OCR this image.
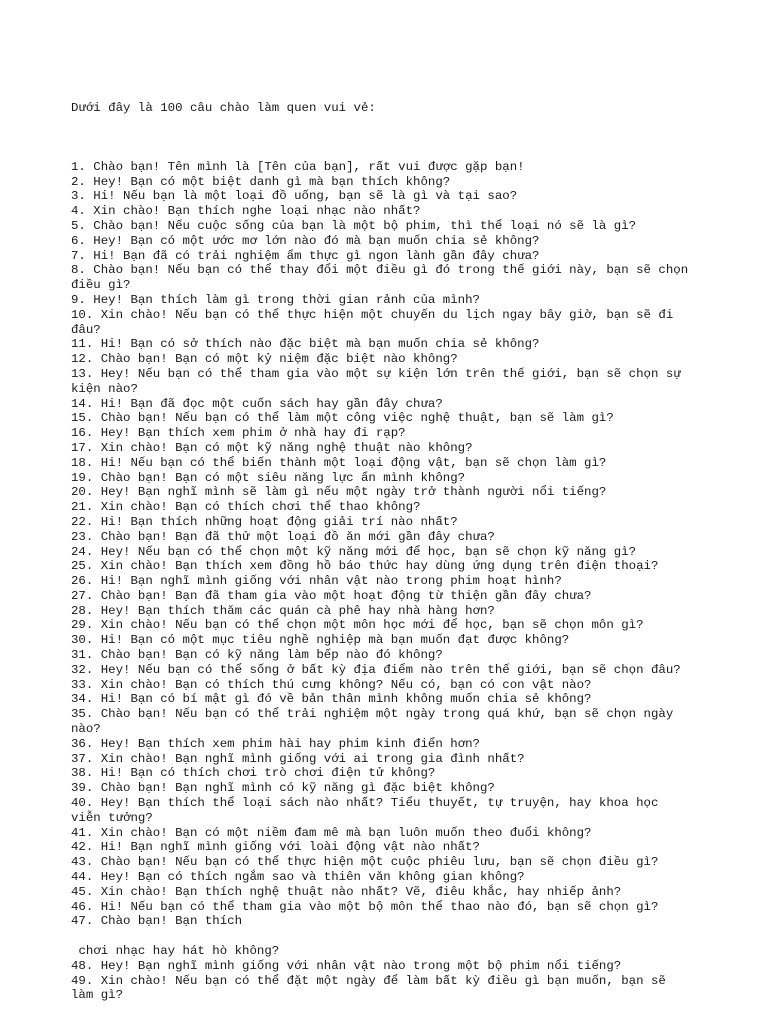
Dưới đây là 100 câu chào làm quen vui vẻ:

1. Chào bạn! Tên mình là [Tên của bạn], rất vui được gặp bạn!
2. Hey! Bạn có một biệt danh gì mà bạn thích không?
3. Hi! Nếu bạn là một loại đồ uống, bạn sẽ là gì và tại sao?
4. Xin chào! Bạn thích nghe loại nhạc nào nhất?
5. Chào bạn! Nếu cuộc sống của bạn là một bộ phim, thì thể loại nó sẽ là gì?
6. Hey! Bạn có một ước mơ lớn nào đó mà bạn muốn chia sẻ không?
7. Hi! Bạn đã có trải nghiệm ẩm thực gì ngon lành gần đây chưa?
8. Chào bạn! Nếu bạn có thể thay đổi một điều gì đó trong thế giới này, bạn sẽ chọn
điều gì?
9. Hey! Bạn thích làm gì trong thời gian rảnh của mình?
10. Xin chào! Nếu bạn có thể thực hiện một chuyến du lịch ngay bây giờ, bạn sẽ đi
đâu?
11. Hi! Bạn có sở thích nào đặc biệt mà bạn muốn chia sẻ không?
12. Chào bạn! Bạn có một kỷ niệm đặc biệt nào không?
13. Hey! Nếu bạn có thể tham gia vào một sự kiện lớn trên thế giới, bạn sẽ chọn sự
kiện nào?
14. Hi! Bạn đã đọc một cuốn sách hay gần đây chưa?
15. Chào bạn! Nếu bạn có thể làm một công việc nghệ thuật, bạn sẽ làm gì?
16. Hey! Bạn thích xem phim ở nhà hay đi rạp?
17. Xin chào! Bạn có một kỹ năng nghệ thuật nào không?
18. Hi! Nếu bạn có thể biến thành một loại động vật, bạn sẽ chọn làm gì?
19. Chào bạn! Bạn có một siêu năng lực ẩn mình không?
20. Hey! Bạn nghĩ mình sẽ làm gì nếu một ngày trở thành người nổi tiếng?
21. Xin chào! Bạn có thích chơi thể thao không?
22. Hi! Bạn thích những hoạt động giải trí nào nhất?
23. Chào bạn! Bạn đã thử một loại đồ ăn mới gần đây chưa?
24. Hey! Nếu bạn có thể chọn một kỹ năng mới để học, bạn sẽ chọn kỹ năng gì?
25. Xin chào! Bạn thích xem đồng hồ báo thức hay dùng ứng dụng trên điện thoại?
26. Hi! Bạn nghĩ mình giống với nhân vật nào trong phim hoạt hình?
27. Chào bạn! Bạn đã tham gia vào một hoạt động từ thiện gần đây chưa?
28. Hey! Bạn thích thăm các quán cà phê hay nhà hàng hơn?
29. Xin chào! Nếu bạn có thể chọn một môn học mới để học, bạn sẽ chọn môn gì?
30. Hi! Bạn có một mục tiêu nghề nghiệp mà bạn muốn đạt được không?
31. Chào bạn! Bạn có kỹ năng làm bếp nào đó không?
32. Hey! Nếu bạn có thể sống ở bất kỳ địa điểm nào trên thế giới, bạn sẽ chọn đâu?
33. Xin chào! Bạn có thích thú cưng không? Nếu có, bạn có con vật nào?
34. Hi! Bạn có bí mật gì đó về bản thân mình không muốn chia sẻ không?
35. Chào bạn! Nếu bạn có thể trải nghiệm một ngày trong quá khứ, bạn sẽ chọn ngày
nào?
36. Hey! Bạn thích xem phim hài hay phim kinh điển hơn?
37. Xin chào! Bạn nghĩ mình giống với ai trong gia đình nhất?
38. Hi! Bạn có thích chơi trò chơi điện tử không?
39. Chào bạn! Bạn nghĩ mình có kỹ năng gì đặc biệt không?
40. Hey! Bạn thích thể loại sách nào nhất? Tiểu thuyết, tự truyện, hay khoa học
viễn tưởng?
41. Xin chào! Bạn có một niềm đam mê mà bạn luôn muốn theo đuổi không?
42. Hi! Bạn nghĩ mình giống với loài động vật nào nhất?
43. Chào bạn! Nếu bạn có thể thực hiện một cuộc phiêu lưu, bạn sẽ chọn điều gì?
44. Hey! Bạn có thích ngắm sao và thiên văn không gian không?
45. Xin chào! Bạn thích nghệ thuật nào nhất? Vẽ, điêu khắc, hay nhiếp ảnh?
46. Hi! Nếu bạn có thể tham gia vào một bộ môn thể thao nào đó, bạn sẽ chọn gì?
47. Chào bạn! Bạn thích
chơi nhạc hay hát hò không?
48. Hey! Bạn nghĩ mình giống với nhân vật nào trong một bộ phim nổi tiếng?
49. Xin chào! Nếu bạn có thể đặt một ngày để làm bất kỳ điều gì bạn muốn, bạn sẽ
làm gì?
